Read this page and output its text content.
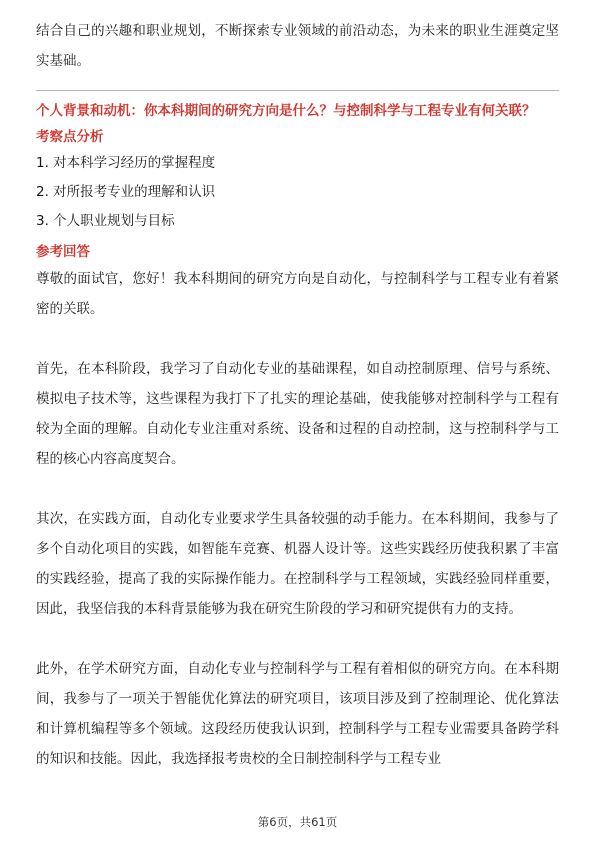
结合自己的兴趣和职业规划，不断探索专业领域的前沿动态，为未来的职业生涯奠定坚实基础。

个人背景和动机：你本科期间的研究方向是什么？与控制科学与工程专业有何关联？

考察点分析

1. 对本科学习经历的掌握程度

2. 对所报考专业的理解和认识

3. 个人职业规划与目标

参考回答

尊敬的面试官，您好！我本科期间的研究方向是自动化，与控制科学与工程专业有着紧密的关联。

首先，在本科阶段，我学习了自动化专业的基础课程，如自动控制原理、信号与系统、模拟电子技术等，这些课程为我打下了扎实的理论基础，使我能够对控制科学与工程有较为全面的理解。自动化专业注重对系统、设备和过程的自动控制，这与控制科学与工程的核心内容高度契合。

其次，在实践方面，自动化专业要求学生具备较强的动手能力。在本科期间，我参与了多个自动化项目的实践，如智能车竞赛、机器人设计等。这些实践经历使我积累了丰富的实践经验，提高了我的实际操作能力。在控制科学与工程领域，实践经验同样重要，因此，我坚信我的本科背景能够为我在研究生阶段的学习和研究提供有力的支持。

此外，在学术研究方面，自动化专业与控制科学与工程有着相似的研究方向。在本科期间，我参与了一项关于智能优化算法的研究项目，该项目涉及到了控制理论、优化算法和计算机编程等多个领域。这段经历使我认识到，控制科学与工程专业需要具备跨学科的知识和技能。因此，我选择报考贵校的全日制控制科学与工程专业

第6页，共61页
